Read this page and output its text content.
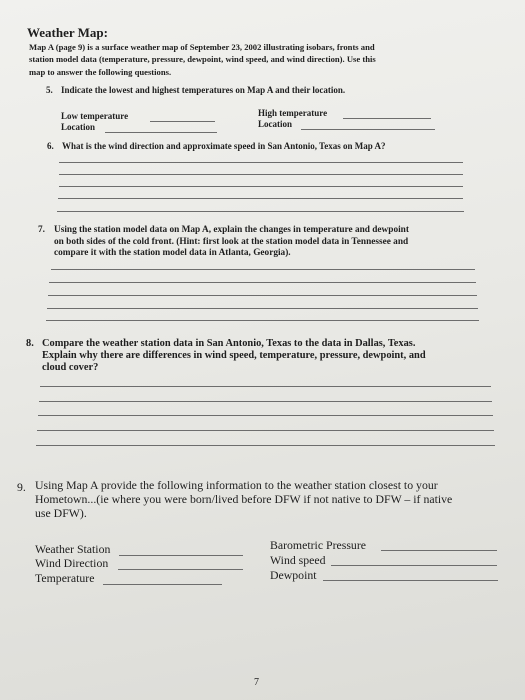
Weather Map:
Map A (page 9) is a surface weather map of September 23, 2002 illustrating isobars, fronts and
station model data (temperature, pressure, dewpoint, wind speed, and wind direction). Use this
map to answer the following questions.
5. Indicate the lowest and highest temperatures on Map A and their location.
Low temperature
Location
High temperature
Location
6. What is the wind direction and approximate speed in San Antonio, Texas on Map A?
7. Using the station model data on Map A, explain the changes in temperature and dewpoint
on both sides of the cold front. (Hint: first look at the station model data in Tennessee and
compare it with the station model data in Atlanta, Georgia).
8. Compare the weather station data in San Antonio, Texas to the data in Dallas, Texas.
Explain why there are differences in wind speed, temperature, pressure, dewpoint, and
cloud cover?
9. Using Map A provide the following information to the weather station closest to your
Hometown...(ie where you were born/lived before DFW if not native to DFW – if native
use DFW).
Weather Station
Wind Direction
Temperature
Barometric Pressure
Wind speed
Dewpoint
7
